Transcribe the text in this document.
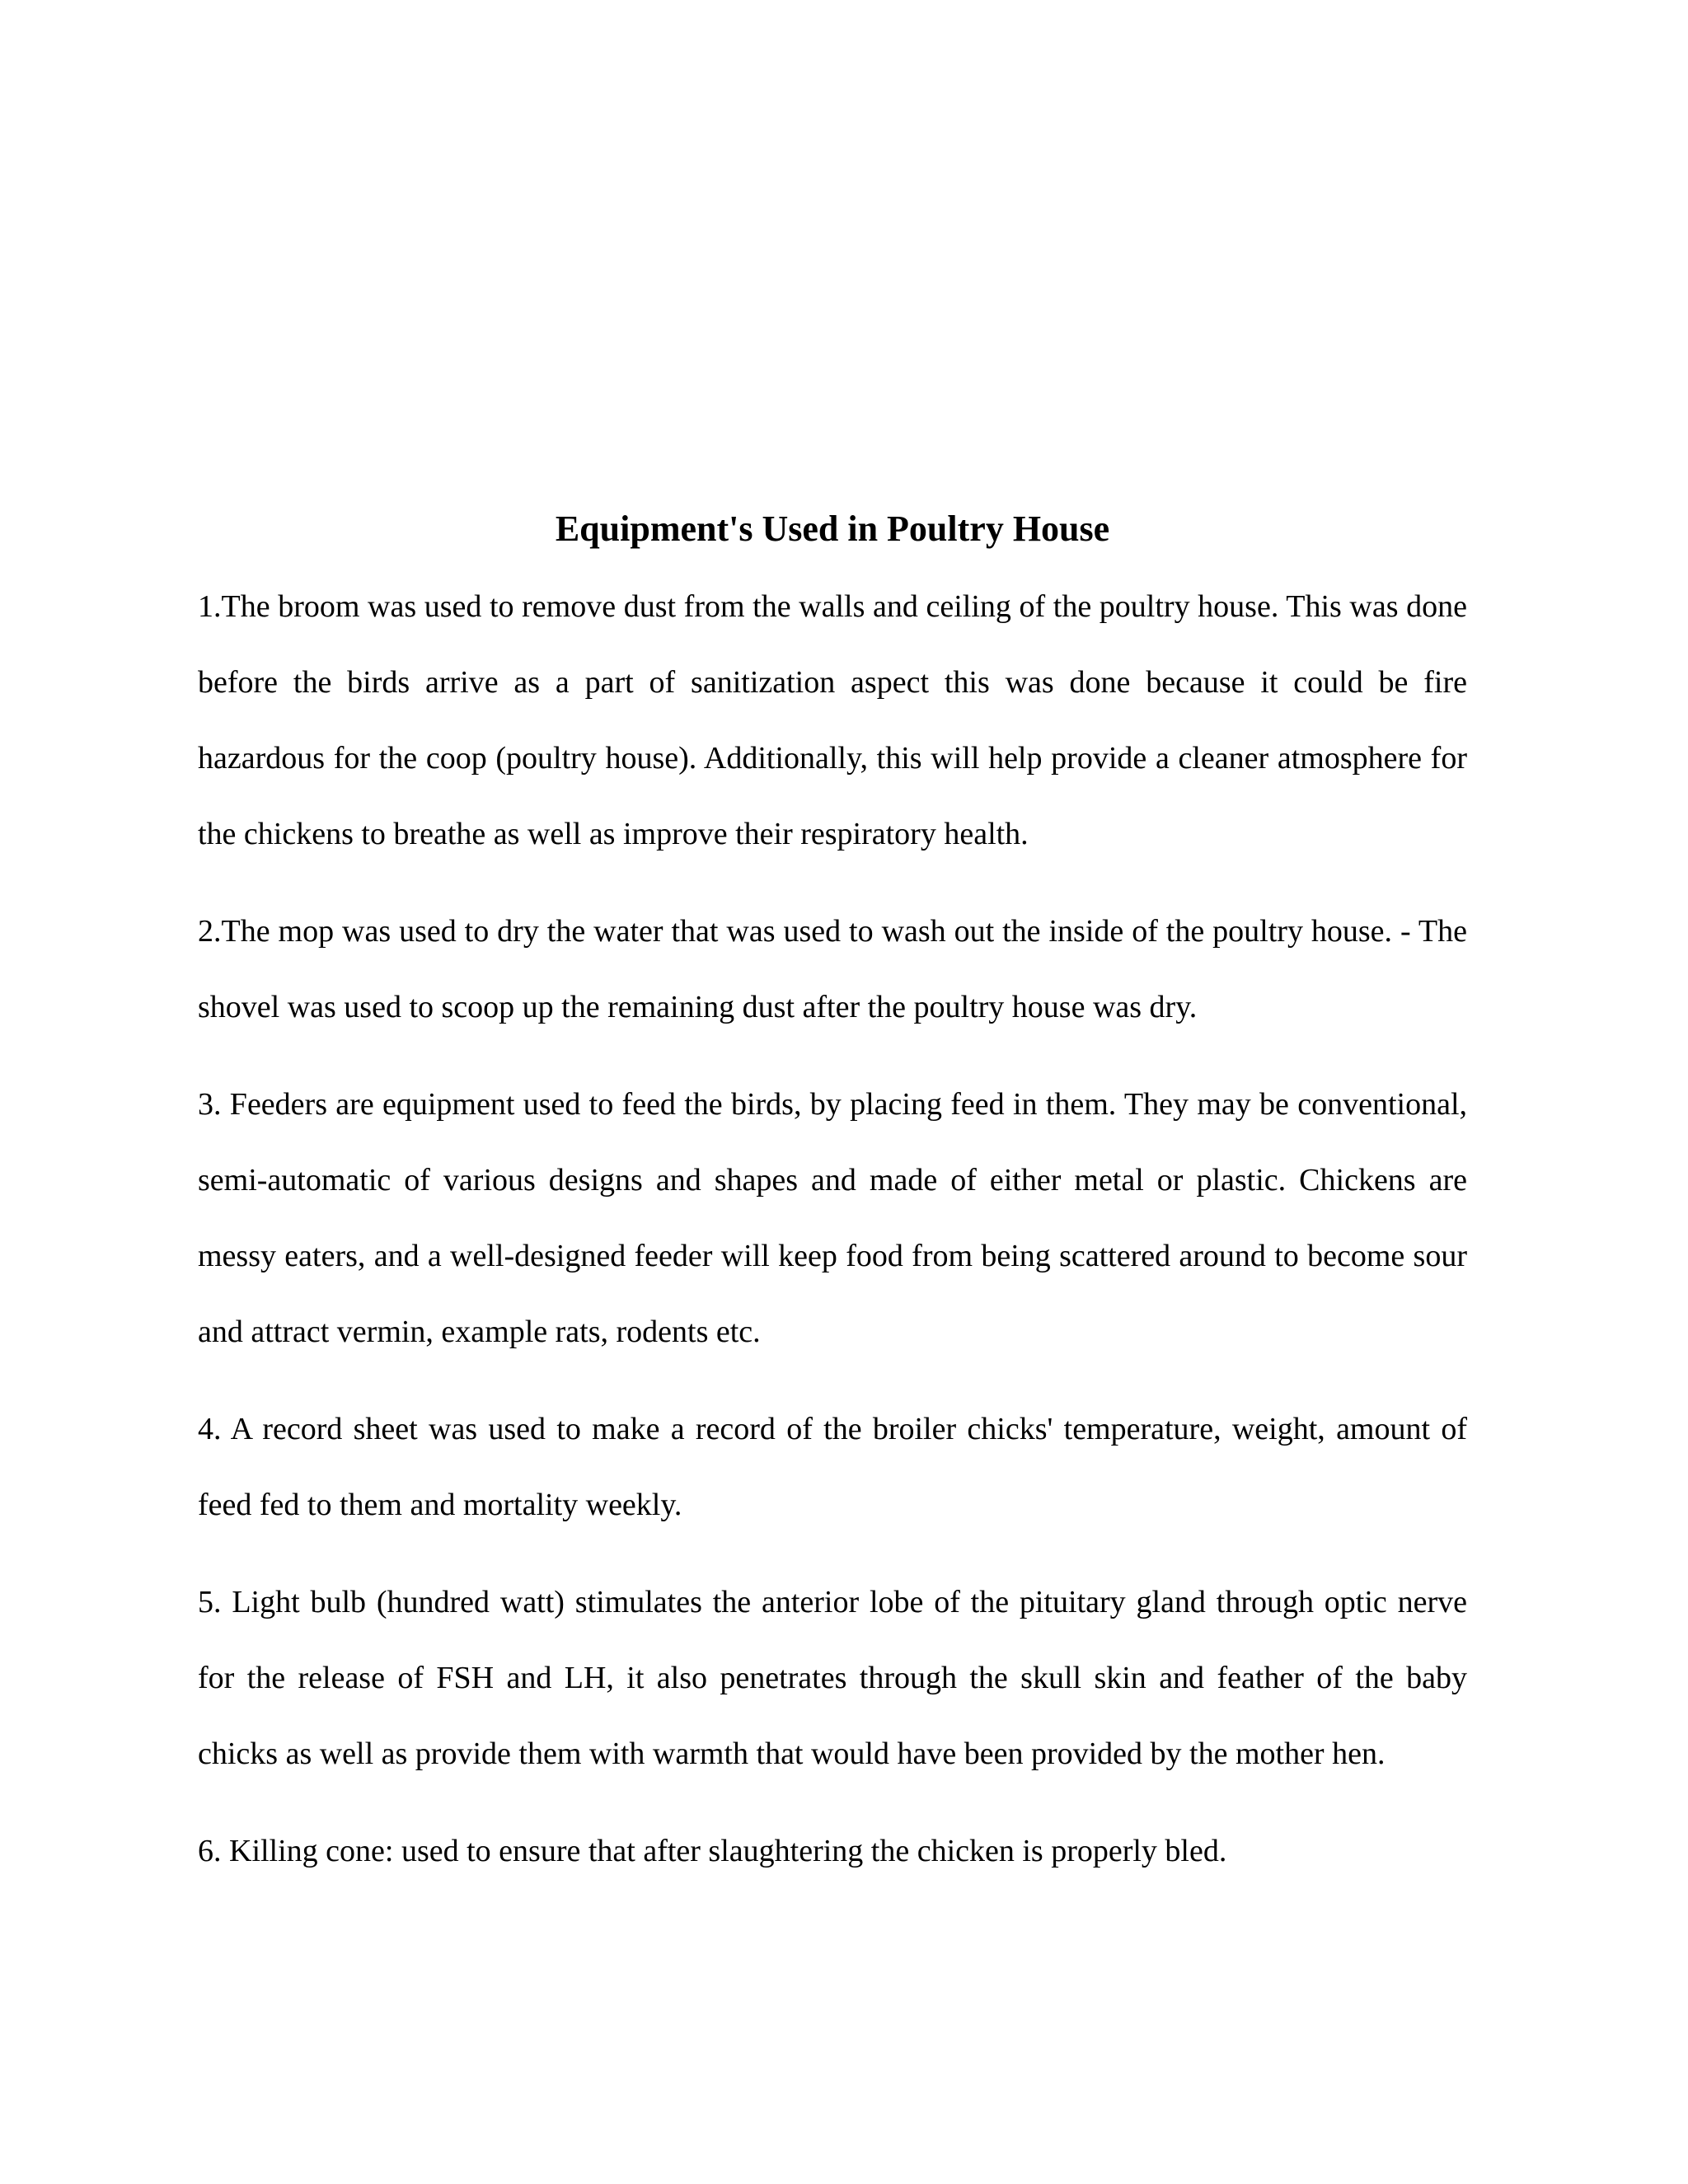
Equipment's Used in Poultry House

1.The broom was used to remove dust from the walls and ceiling of the poultry house. This was done before the birds arrive as a part of sanitization aspect this was done because it could be fire hazardous for the coop (poultry house). Additionally, this will help provide a cleaner atmosphere for the chickens to breathe as well as improve their respiratory health.

2.The mop was used to dry the water that was used to wash out the inside of the poultry house. - The shovel was used to scoop up the remaining dust after the poultry house was dry.

3. Feeders are equipment used to feed the birds, by placing feed in them. They may be conventional, semi-automatic of various designs and shapes and made of either metal or plastic. Chickens are messy eaters, and a well-designed feeder will keep food from being scattered around to become sour and attract vermin, example rats, rodents etc.

4. A record sheet was used to make a record of the broiler chicks' temperature, weight, amount of feed fed to them and mortality weekly.

5. Light bulb (hundred watt) stimulates the anterior lobe of the pituitary gland through optic nerve for the release of FSH and LH, it also penetrates through the skull skin and feather of the baby chicks as well as provide them with warmth that would have been provided by the mother hen.

6. Killing cone: used to ensure that after slaughtering the chicken is properly bled.
